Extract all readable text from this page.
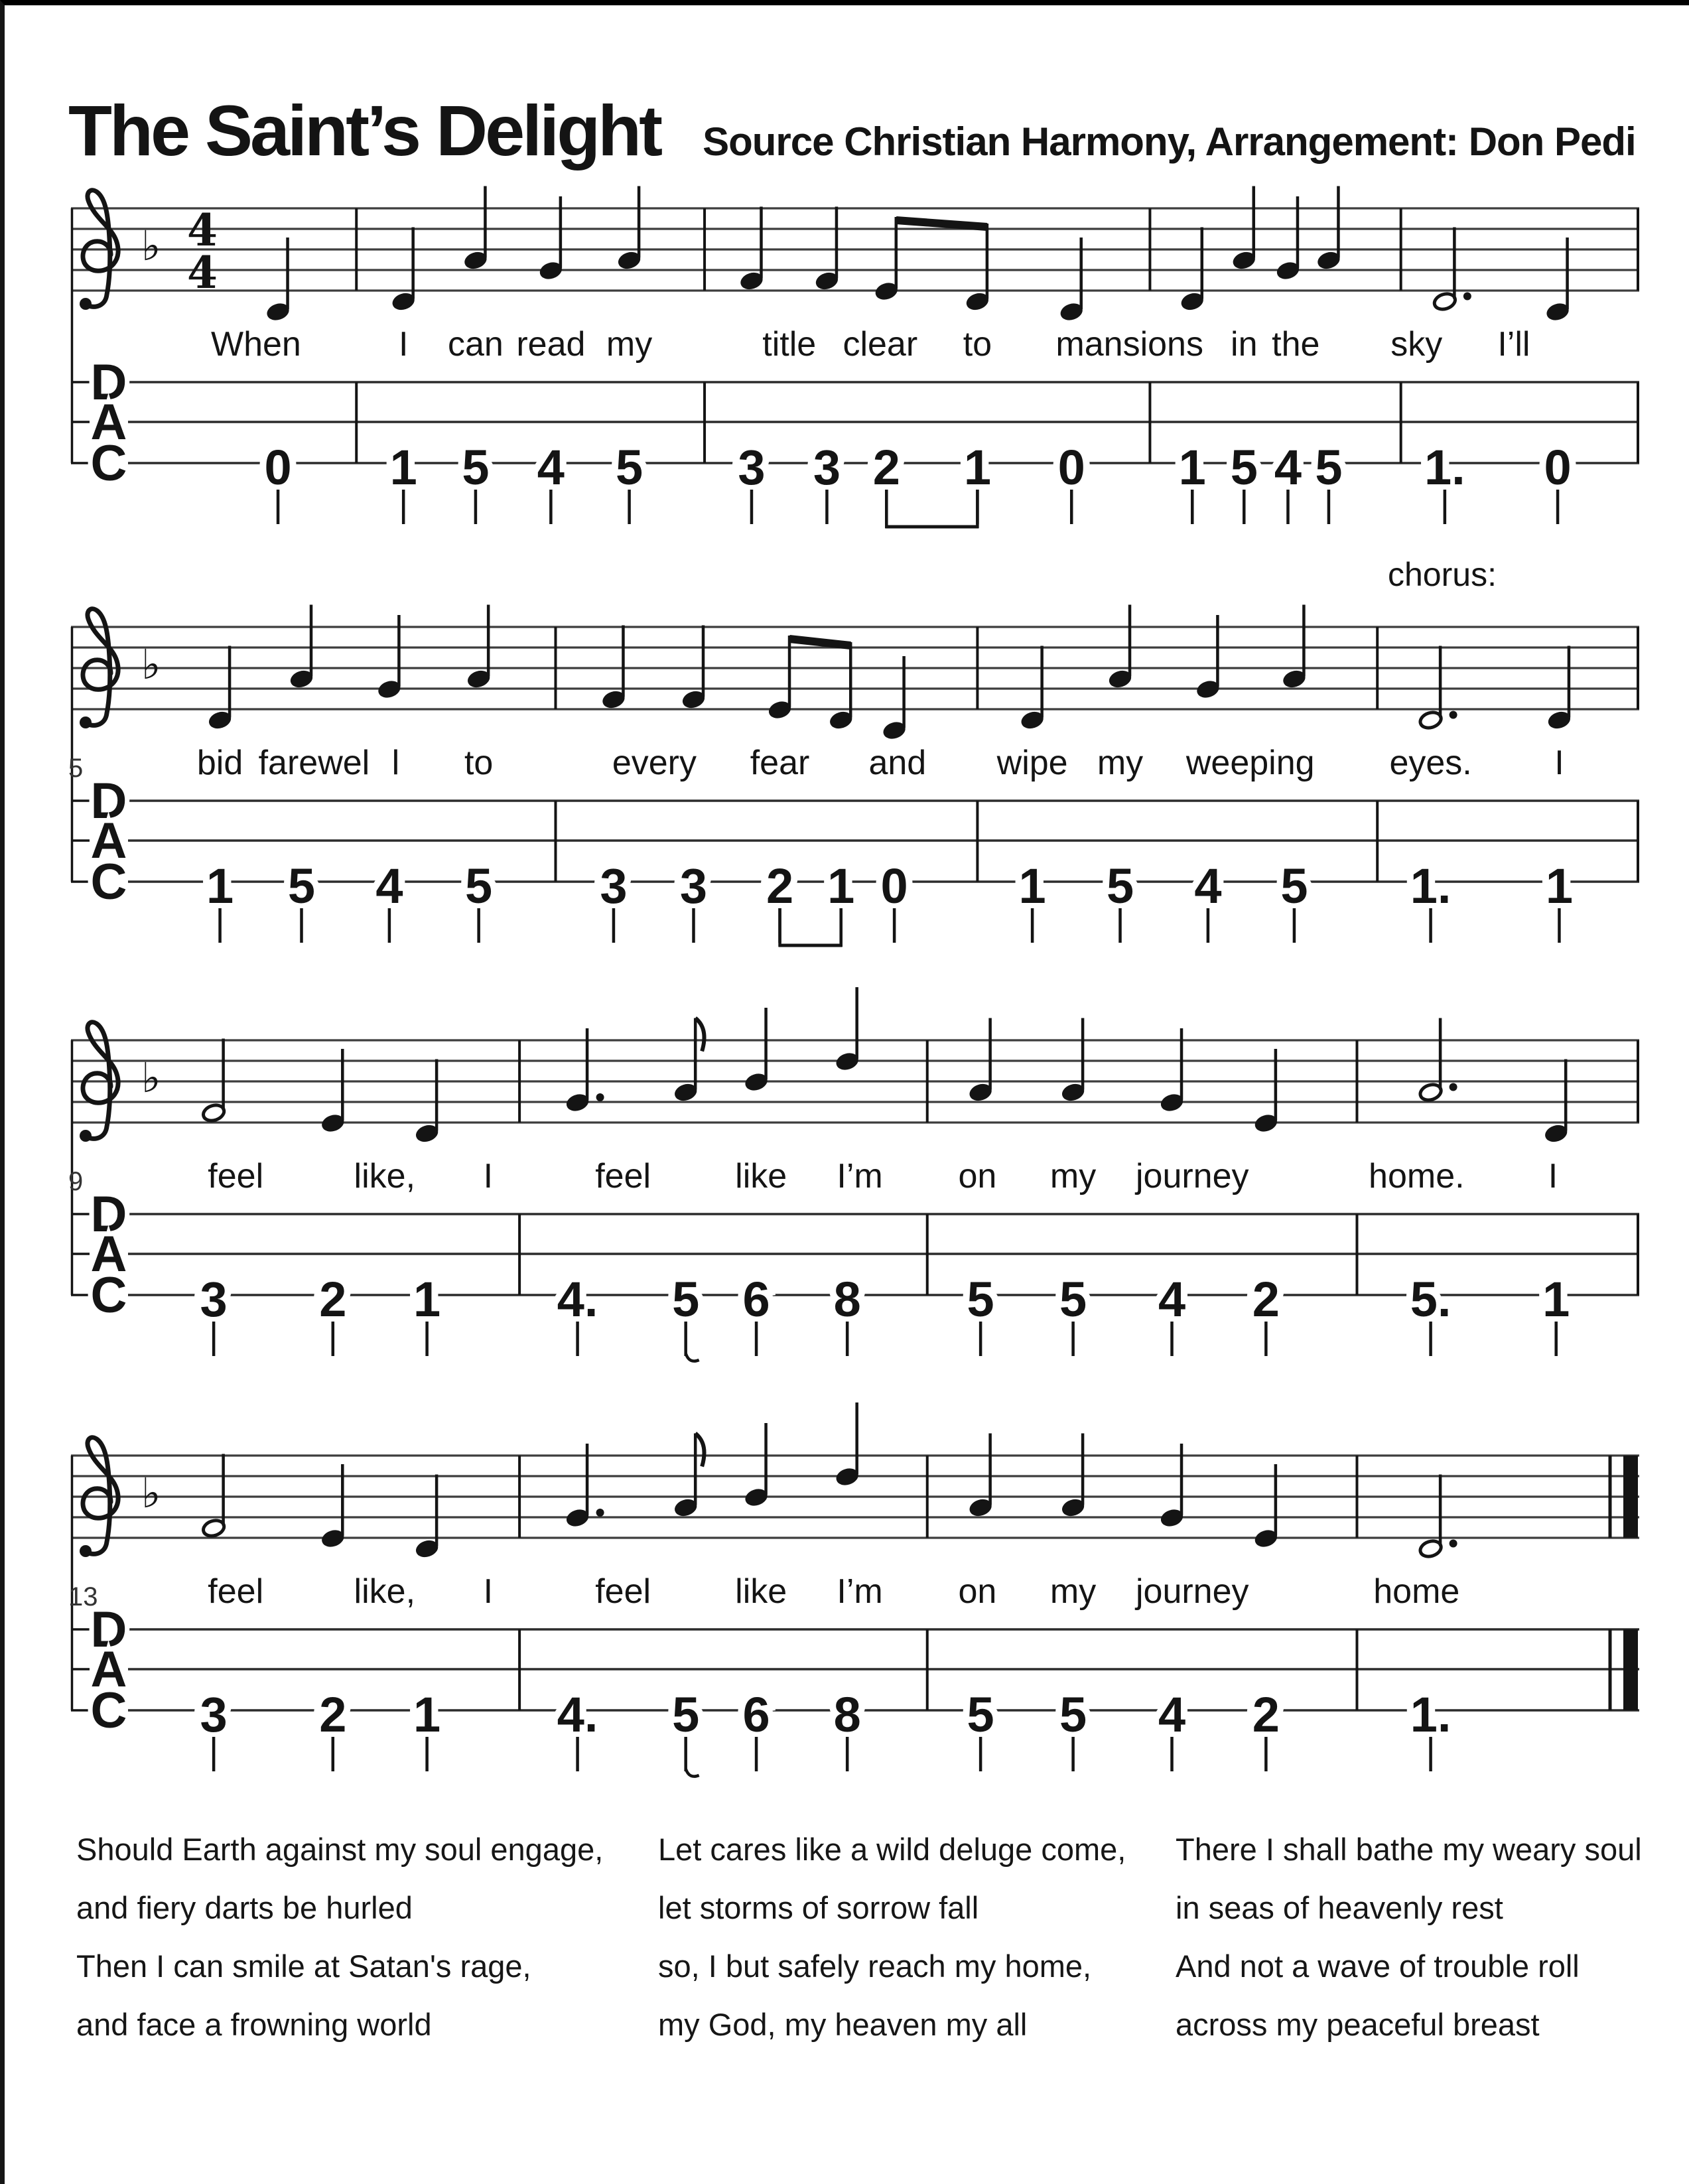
The Saint’s Delight Source Christian Harmony, Arrangement: Don Pedi
D
A
C
♭ 4
4
When	I can read my	title clear to mansions in the sky I’ll
0 1 5 4 5 3 3 2 1 0 1 5 4 5 1. 0
D
A
C
♭
chorus:
5	bid farewel l to	every fear and wipe my weeping eyes. I
1 5 4 5 3 3 2 1 0 1 5 4 5 1. 1
D
A
C
♭
9	feel	like, I	feel like I’m on my journey	home. I
3 2 1 4. 5 6 8 5 5 4 2	5. 1
D
A
C
♭
13	feel	like, I	feel like I’m on my journey	home
3 2 1 4. 5 6 8 5 5 4 2	1.
Should Earth against my soul engage,
and fiery darts be hurled
Then I can smile at Satan's rage,
and face a frowning world
Let cares like a wild deluge come,
let storms of sorrow fall
so, I but safely reach my home,
my God, my heaven my all
There I shall bathe my weary soul
in seas of heavenly rest
And not a wave of trouble roll
across my peaceful breast
